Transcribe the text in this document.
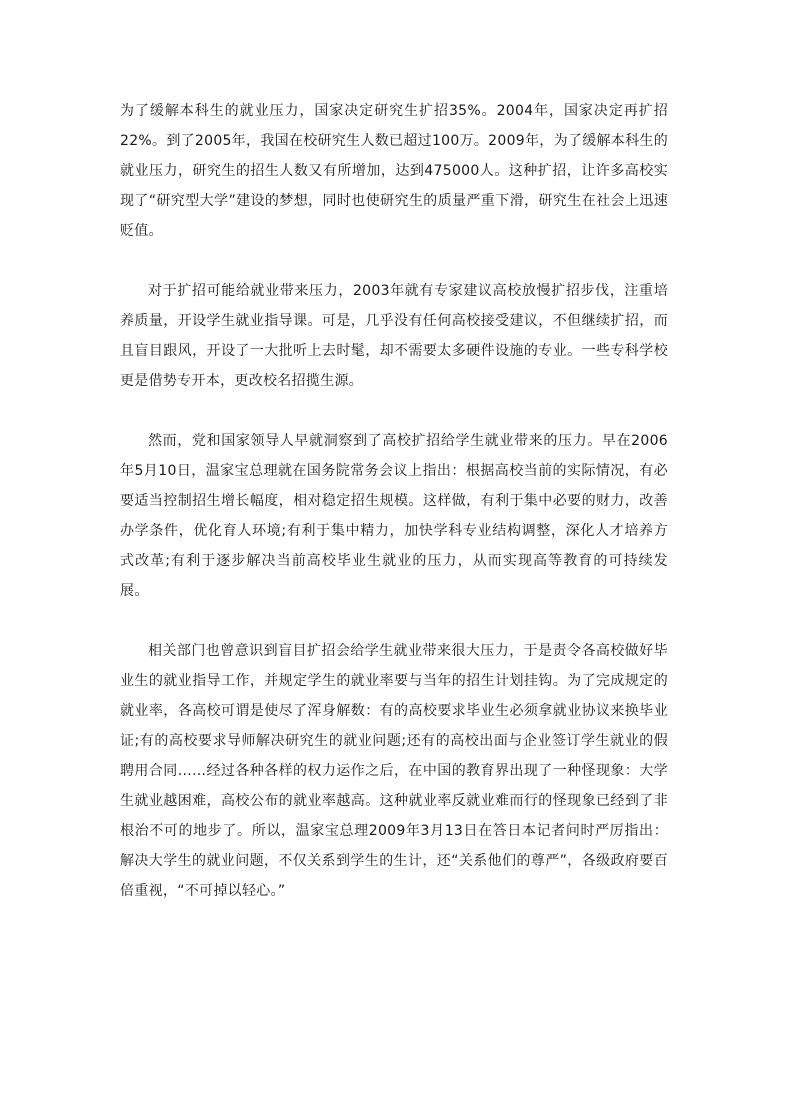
为了缓解本科生的就业压力，国家决定研究生扩招35%。2004年，国家决定再扩招22%。到了2005年，我国在校研究生人数已超过100万。2009年，为了缓解本科生的就业压力，研究生的招生人数又有所增加，达到475000人。这种扩招，让许多高校实现了“研究型大学”建设的梦想，同时也使研究生的质量严重下滑，研究生在社会上迅速贬值。

对于扩招可能给就业带来压力，2003年就有专家建议高校放慢扩招步伐，注重培养质量，开设学生就业指导课。可是，几乎没有任何高校接受建议，不但继续扩招，而且盲目跟风，开设了一大批听上去时髦，却不需要太多硬件设施的专业。一些专科学校更是借势专开本，更改校名招揽生源。

然而，党和国家领导人早就洞察到了高校扩招给学生就业带来的压力。早在2006年5月10日，温家宝总理就在国务院常务会议上指出：根据高校当前的实际情况，有必要适当控制招生增长幅度，相对稳定招生规模。这样做，有利于集中必要的财力，改善办学条件，优化育人环境;有利于集中精力，加快学科专业结构调整，深化人才培养方式改革;有利于逐步解决当前高校毕业生就业的压力，从而实现高等教育的可持续发展。

相关部门也曾意识到盲目扩招会给学生就业带来很大压力，于是责令各高校做好毕业生的就业指导工作，并规定学生的就业率要与当年的招生计划挂钩。为了完成规定的就业率，各高校可谓是使尽了浑身解数：有的高校要求毕业生必须拿就业协议来换毕业证;有的高校要求导师解决研究生的就业问题;还有的高校出面与企业签订学生就业的假聘用合同……经过各种各样的权力运作之后，在中国的教育界出现了一种怪现象：大学生就业越困难，高校公布的就业率越高。这种就业率反就业难而行的怪现象已经到了非根治不可的地步了。所以，温家宝总理2009年3月13日在答日本记者问时严厉指出：解决大学生的就业问题，不仅关系到学生的生计，还“关系他们的尊严”，各级政府要百倍重视，“不可掉以轻心。”
